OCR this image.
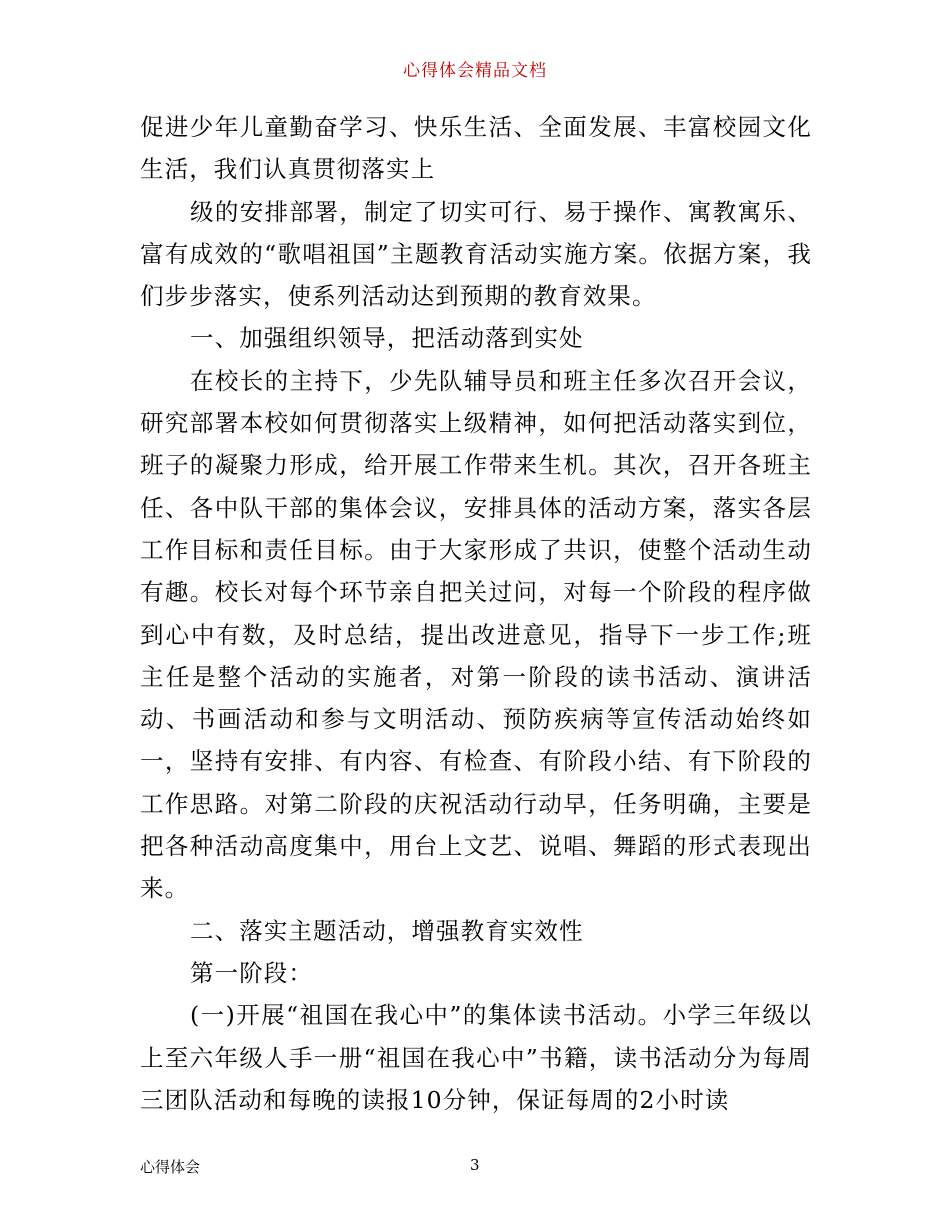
心得体会精品文档

促进少年儿童勤奋学习、快乐生活、全面发展、丰富校园文化生活，我们认真贯彻落实上

级的安排部署，制定了切实可行、易于操作、寓教寓乐、富有成效的“歌唱祖国”主题教育活动实施方案。依据方案，我们步步落实，使系列活动达到预期的教育效果。

一、加强组织领导，把活动落到实处

在校长的主持下，少先队辅导员和班主任多次召开会议，研究部署本校如何贯彻落实上级精神，如何把活动落实到位，班子的凝聚力形成，给开展工作带来生机。其次，召开各班主任、各中队干部的集体会议，安排具体的活动方案，落实各层工作目标和责任目标。由于大家形成了共识，使整个活动生动有趣。校长对每个环节亲自把关过问，对每一个阶段的程序做到心中有数，及时总结，提出改进意见，指导下一步工作;班主任是整个活动的实施者，对第一阶段的读书活动、演讲活动、书画活动和参与文明活动、预防疾病等宣传活动始终如一，坚持有安排、有内容、有检查、有阶段小结、有下阶段的工作思路。对第二阶段的庆祝活动行动早，任务明确，主要是把各种活动高度集中，用台上文艺、说唱、舞蹈的形式表现出来。

二、落实主题活动，增强教育实效性

第一阶段：

(一)开展“祖国在我心中”的集体读书活动。小学三年级以上至六年级人手一册“祖国在我心中”书籍，读书活动分为每周三团队活动和每晚的读报10分钟，保证每周的2小时读

心得体会	3
